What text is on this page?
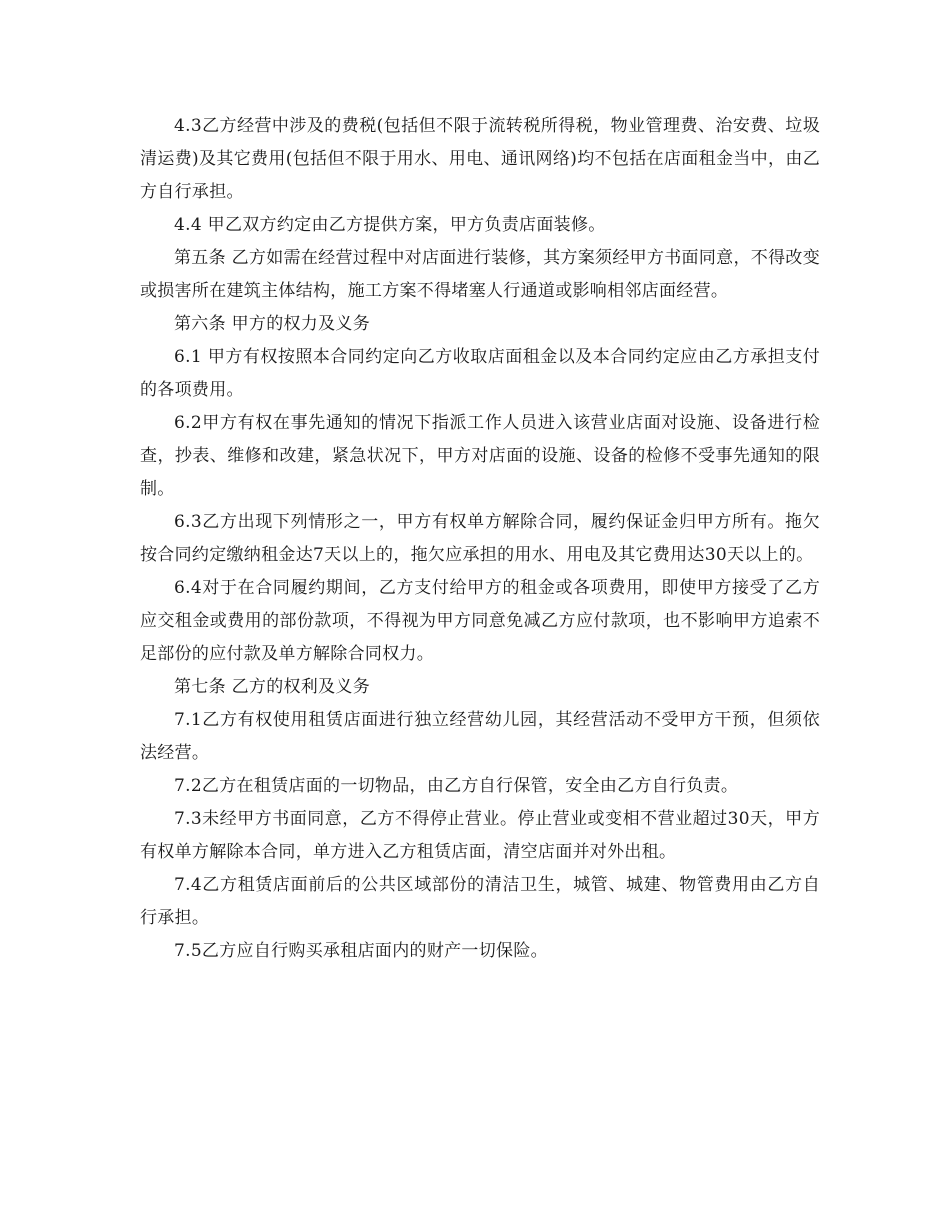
4.3乙方经营中涉及的费税(包括但不限于流转税所得税，物业管理费、治安费、垃圾清运费)及其它费用(包括但不限于用水、用电、通讯网络)均不包括在店面租金当中，由乙方自行承担。

4.4 甲乙双方约定由乙方提供方案，甲方负责店面装修。

第五条 乙方如需在经营过程中对店面进行装修，其方案须经甲方书面同意，不得改变或损害所在建筑主体结构，施工方案不得堵塞人行通道或影响相邻店面经营。

第六条 甲方的权力及义务

6.1 甲方有权按照本合同约定向乙方收取店面租金以及本合同约定应由乙方承担支付的各项费用。

6.2甲方有权在事先通知的情况下指派工作人员进入该营业店面对设施、设备进行检查，抄表、维修和改建，紧急状况下，甲方对店面的设施、设备的检修不受事先通知的限制。

6.3乙方出现下列情形之一，甲方有权单方解除合同，履约保证金归甲方所有。拖欠按合同约定缴纳租金达7天以上的，拖欠应承担的用水、用电及其它费用达30天以上的。

6.4对于在合同履约期间，乙方支付给甲方的租金或各项费用，即使甲方接受了乙方应交租金或费用的部份款项，不得视为甲方同意免减乙方应付款项，也不影响甲方追索不足部份的应付款及单方解除合同权力。

第七条 乙方的权利及义务

7.1乙方有权使用租赁店面进行独立经营幼儿园，其经营活动不受甲方干预，但须依法经营。

7.2乙方在租赁店面的一切物品，由乙方自行保管，安全由乙方自行负责。

7.3未经甲方书面同意，乙方不得停止营业。停止营业或变相不营业超过30天，甲方有权单方解除本合同，单方进入乙方租赁店面，清空店面并对外出租。

7.4乙方租赁店面前后的公共区域部份的清洁卫生，城管、城建、物管费用由乙方自行承担。

7.5乙方应自行购买承租店面内的财产一切保险。
